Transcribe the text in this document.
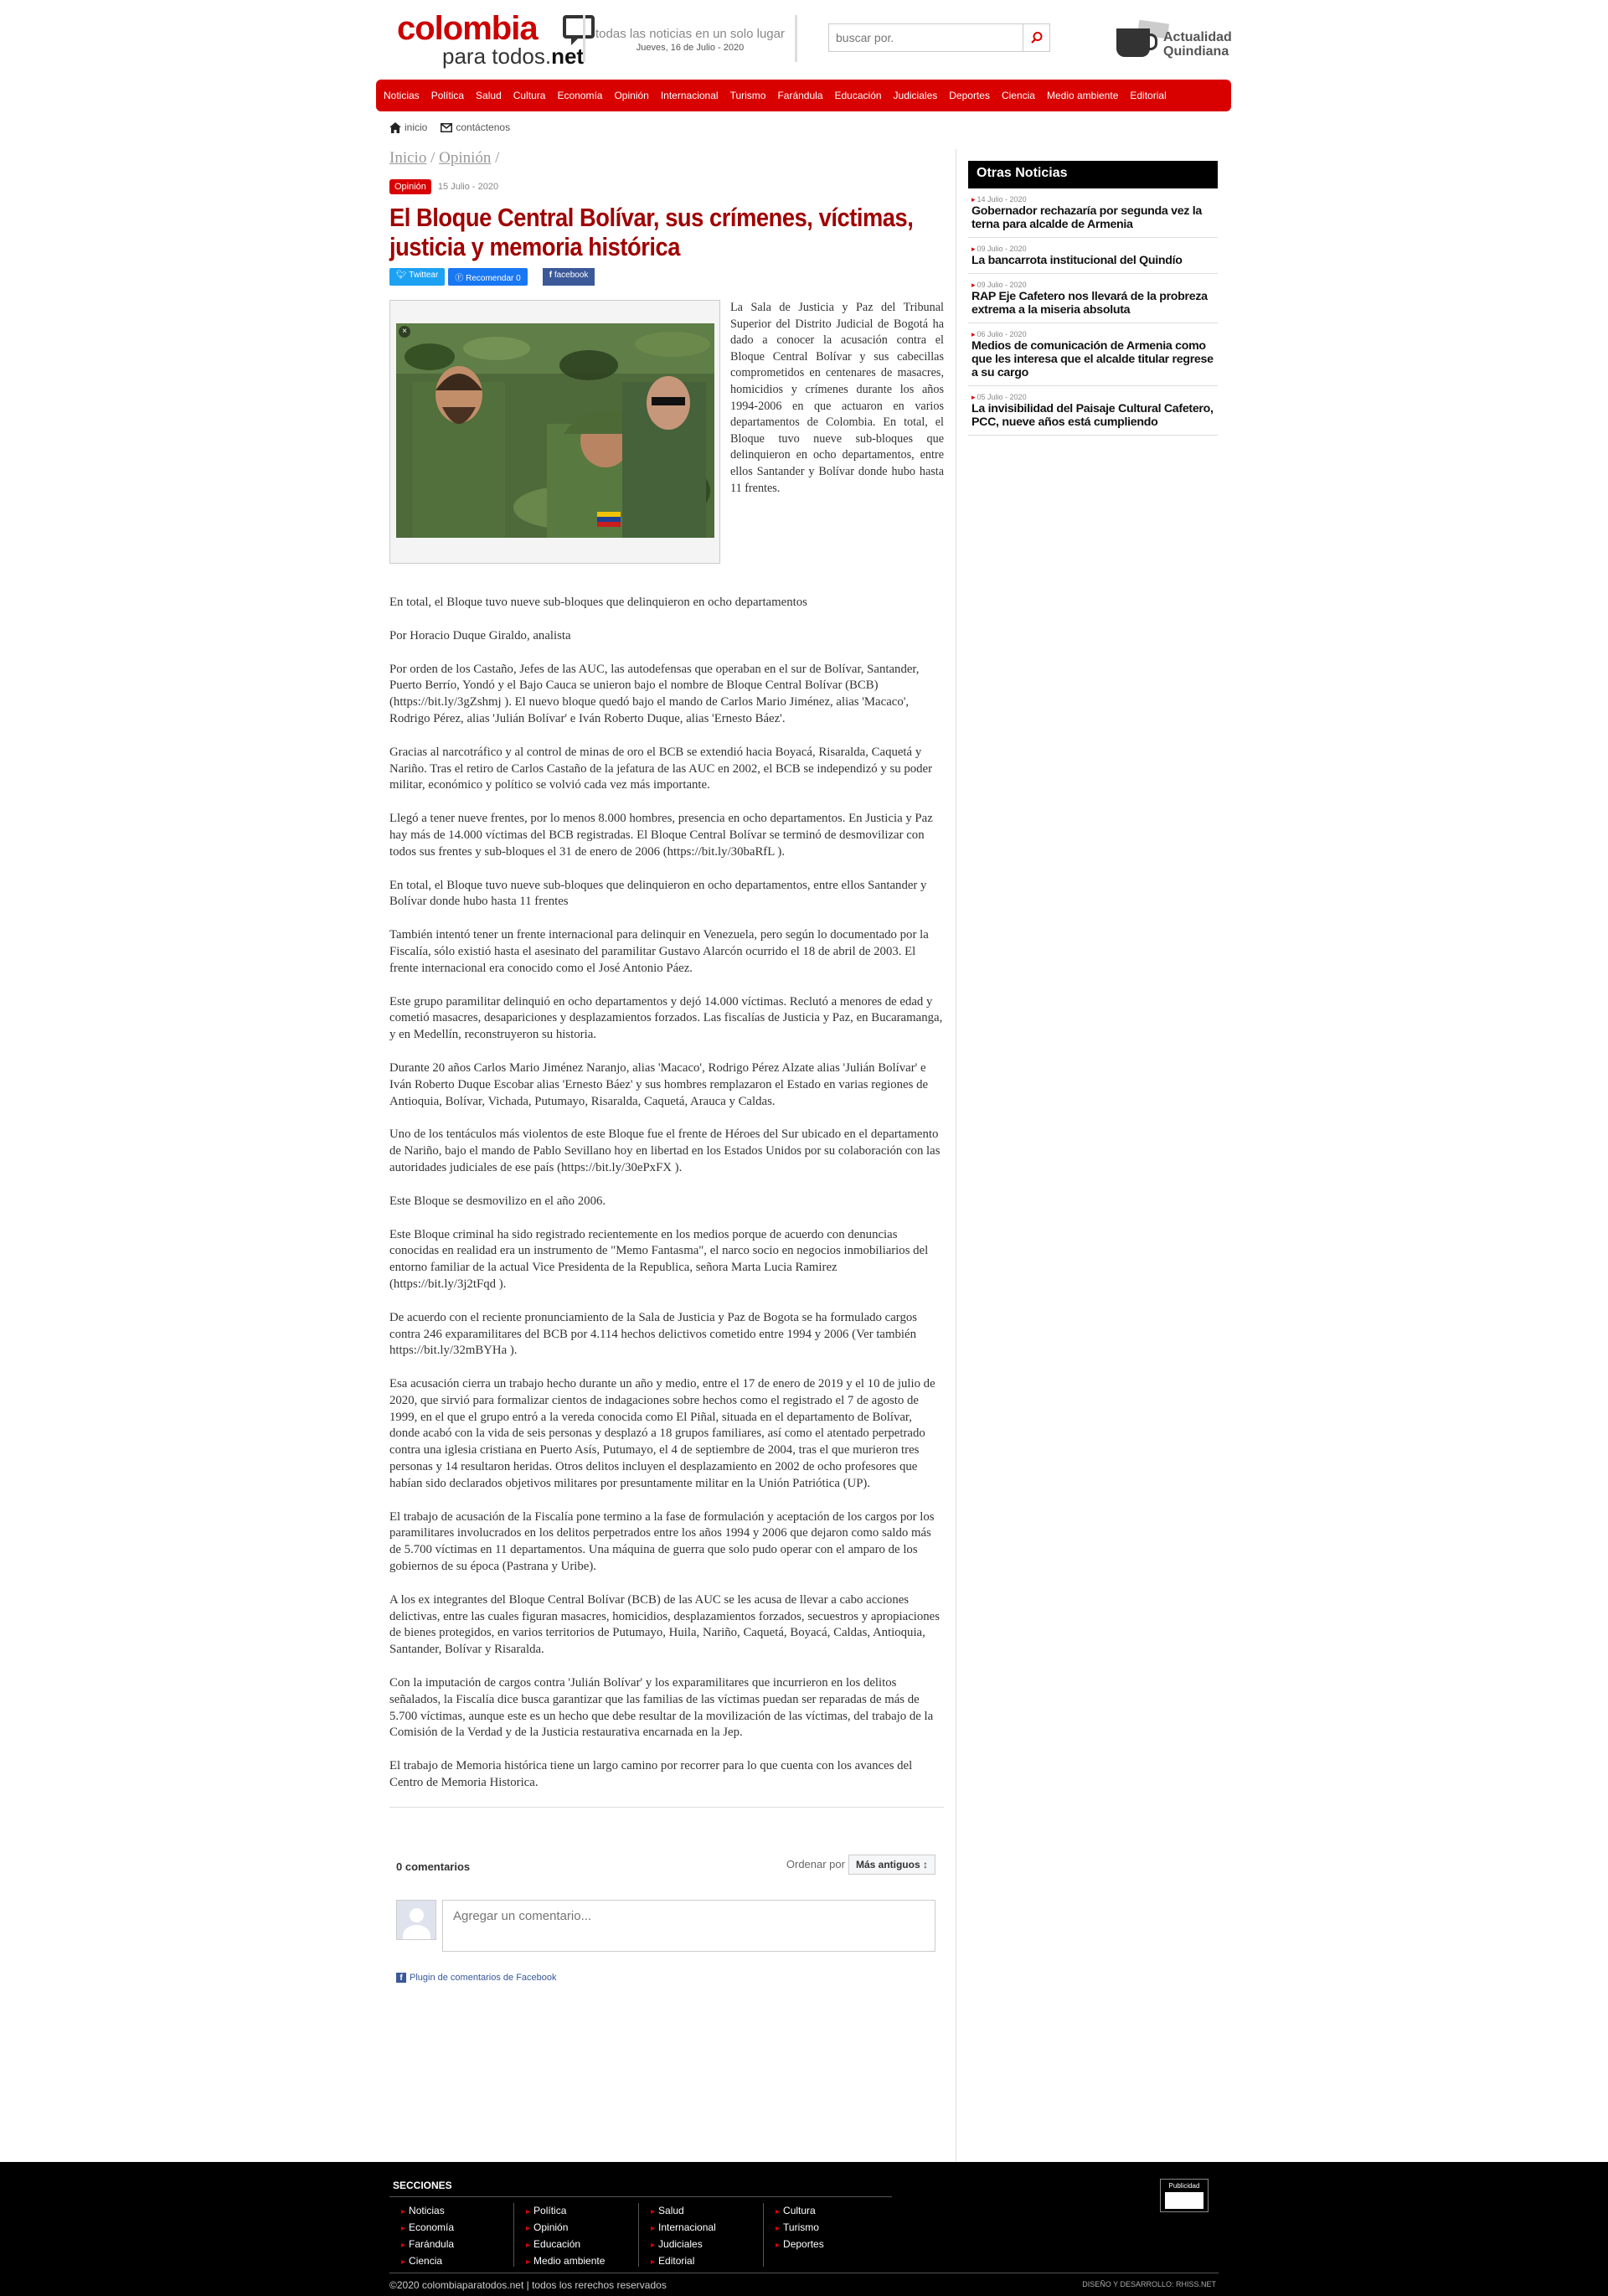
colombia
para todos.net
todas las noticias en un solo lugar
Jueves, 16 de Julio - 2020
buscar por.
Actualidad
Quindiana
Noticias Política Salud Cultura Economía Opinión Internacional Turismo Farándula Educación Judiciales Deportes Ciencia Medio ambiente Editorial
inicio	contáctenos
Inicio / Opinión /
Opinión	15 Julio - 2020
El Bloque Central Bolívar, sus crímenes, víctimas, justicia y memoria histórica
🐦︎ Twittear	Ⓕ Recomendar 0	f facebook
×
La Sala de Justicia y Paz del Tribunal Superior del Distrito Judicial de Bogotá ha dado a conocer la acusación contra el Bloque Central Bolívar y sus cabecillas comprometidos en centenares de masacres, homicidios y crímenes durante los años 1994-2006 en que actuaron en varios departamentos de Colombia. En total, el Bloque tuvo nueve sub-bloques que delinquieron en ocho departamentos, entre ellos Santander y Bolívar donde hubo hasta 11 frentes.

En total, el Bloque tuvo nueve sub-bloques que delinquieron en ocho departamentos

Por Horacio Duque Giraldo, analista

Por orden de los Castaño, Jefes de las AUC, las autodefensas que operaban en el sur de Bolívar, Santander, Puerto Berrío, Yondó y el Bajo Cauca se unieron bajo el nombre de Bloque Central Bolívar (BCB) (https://bit.ly/3gZshmj ). El nuevo bloque quedó bajo el mando de Carlos Mario Jiménez, alias 'Macaco', Rodrigo Pérez, alias 'Julián Bolívar' e Iván Roberto Duque, alias 'Ernesto Báez'.

Gracias al narcotráfico y al control de minas de oro el BCB se extendió hacia Boyacá, Risaralda, Caquetá y Nariño. Tras el retiro de Carlos Castaño de la jefatura de las AUC en 2002, el BCB se independizó y su poder militar, económico y político se volvió cada vez más importante.

Llegó a tener nueve frentes, por lo menos 8.000 hombres, presencia en ocho departamentos. En Justicia y Paz hay más de 14.000 víctimas del BCB registradas. El Bloque Central Bolívar se terminó de desmovilizar con todos sus frentes y sub-bloques el 31 de enero de 2006 (https://bit.ly/30baRfL ).

En total, el Bloque tuvo nueve sub-bloques que delinquieron en ocho departamentos, entre ellos Santander y Bolívar donde hubo hasta 11 frentes

También intentó tener un frente internacional para delinquir en Venezuela, pero según lo documentado por la Fiscalía, sólo existió hasta el asesinato del paramilitar Gustavo Alarcón ocurrido el 18 de abril de 2003. El frente internacional era conocido como el José Antonio Páez.

Este grupo paramilitar delinquió en ocho departamentos y dejó 14.000 víctimas. Reclutó a menores de edad y cometió masacres, desapariciones y desplazamientos forzados. Las fiscalías de Justicia y Paz, en Bucaramanga, y en Medellín, reconstruyeron su historia.

Durante 20 años Carlos Mario Jiménez Naranjo, alias 'Macaco', Rodrigo Pérez Alzate alias 'Julián Bolívar' e Iván Roberto Duque Escobar alias 'Ernesto Báez' y sus hombres remplazaron el Estado en varias regiones de Antioquia, Bolívar, Vichada, Putumayo, Risaralda, Caquetá, Arauca y Caldas.

Uno de los tentáculos más violentos de este Bloque fue el frente de Héroes del Sur ubicado en el departamento de Nariño, bajo el mando de Pablo Sevillano hoy en libertad en los Estados Unidos por su colaboración con las autoridades judiciales de ese país (https://bit.ly/30ePxFX ).

Este Bloque se desmovilizo en el año 2006.

Este Bloque criminal ha sido registrado recientemente en los medios porque de acuerdo con denuncias conocidas en realidad era un instrumento de "Memo Fantasma", el narco socio en negocios inmobiliarios del entorno familiar de la actual Vice Presidenta de la Republica, señora Marta Lucia Ramirez (https://bit.ly/3j2tFqd ).

De acuerdo con el reciente pronunciamiento de la Sala de Justicia y Paz de Bogota se ha formulado cargos contra 246 exparamilitares del BCB por 4.114 hechos delictivos cometido entre 1994 y 2006 (Ver también https://bit.ly/32mBYHa ).

Esa acusación cierra un trabajo hecho durante un año y medio, entre el 17 de enero de 2019 y el 10 de julio de 2020, que sirvió para formalizar cientos de indagaciones sobre hechos como el registrado el 7 de agosto de 1999, en el que el grupo entró a la vereda conocida como El Piñal, situada en el departamento de Bolívar, donde acabó con la vida de seis personas y desplazó a 18 grupos familiares, así como el atentado perpetrado contra una iglesia cristiana en Puerto Asís, Putumayo, el 4 de septiembre de 2004, tras el que murieron tres personas y 14 resultaron heridas. Otros delitos incluyen el desplazamiento en 2002 de ocho profesores que habían sido declarados objetivos militares por presuntamente militar en la Unión Patriótica (UP).

El trabajo de acusación de la Fiscalía pone termino a la fase de formulación y aceptación de los cargos por los paramilitares involucrados en los delitos perpetrados entre los años 1994 y 2006 que dejaron como saldo más de 5.700 víctimas en 11 departamentos. Una máquina de guerra que solo pudo operar con el amparo de los gobiernos de su época (Pastrana y Uribe).

A los ex integrantes del Bloque Central Bolívar (BCB) de las AUC se les acusa de llevar a cabo acciones delictivas, entre las cuales figuran masacres, homicidios, desplazamientos forzados, secuestros y apropiaciones de bienes protegidos, en varios territorios de Putumayo, Huila, Nariño, Caquetá, Boyacá, Caldas, Antioquia, Santander, Bolívar y Risaralda.

Con la imputación de cargos contra 'Julián Bolívar' y los exparamilitares que incurrieron en los delitos señalados, la Fiscalía dice busca garantizar que las familias de las víctimas puedan ser reparadas de más de 5.700 víctimas, aunque este es un hecho que debe resultar de la movilización de las víctimas, del trabajo de la Comisión de la Verdad y de la Justicia restaurativa encarnada en la Jep.

El trabajo de Memoria histórica tiene un largo camino por recorrer para lo que cuenta con los avances del Centro de Memoria Historica.

0 comentarios	Ordenar por	Más antiguos ↕︎
Agregar un comentario...
f Plugin de comentarios de Facebook
Otras Noticias
▸ 14 Julio - 2020
Gobernador rechazaría por segunda vez la terna para alcalde de Armenia
▸ 09 Julio - 2020
La bancarrota institucional del Quindío
▸ 09 Julio - 2020
RAP Eje Cafetero nos llevará de la probreza extrema a la miseria absoluta
▸ 06 Julio - 2020
Medios de comunicación de Armenia como que les interesa que el alcalde titular regrese a su cargo
▸ 05 Julio - 2020
La invisibilidad del Paisaje Cultural Cafetero, PCC, nueve años está cumpliendo
SECCIONES
▸ Noticias
▸ Economía
▸ Farándula
▸ Ciencia
▸ Política
▸ Opinión
▸ Educación
▸ Medio ambiente
▸ Salud
▸ Internacional
▸ Judiciales
▸ Editorial
▸ Cultura
▸ Turismo
▸ Deportes
Publicidad
©2020 colombiaparatodos.net | todos los rerechos reservados	DISEÑO Y DESARROLLO: RHISS.NET
